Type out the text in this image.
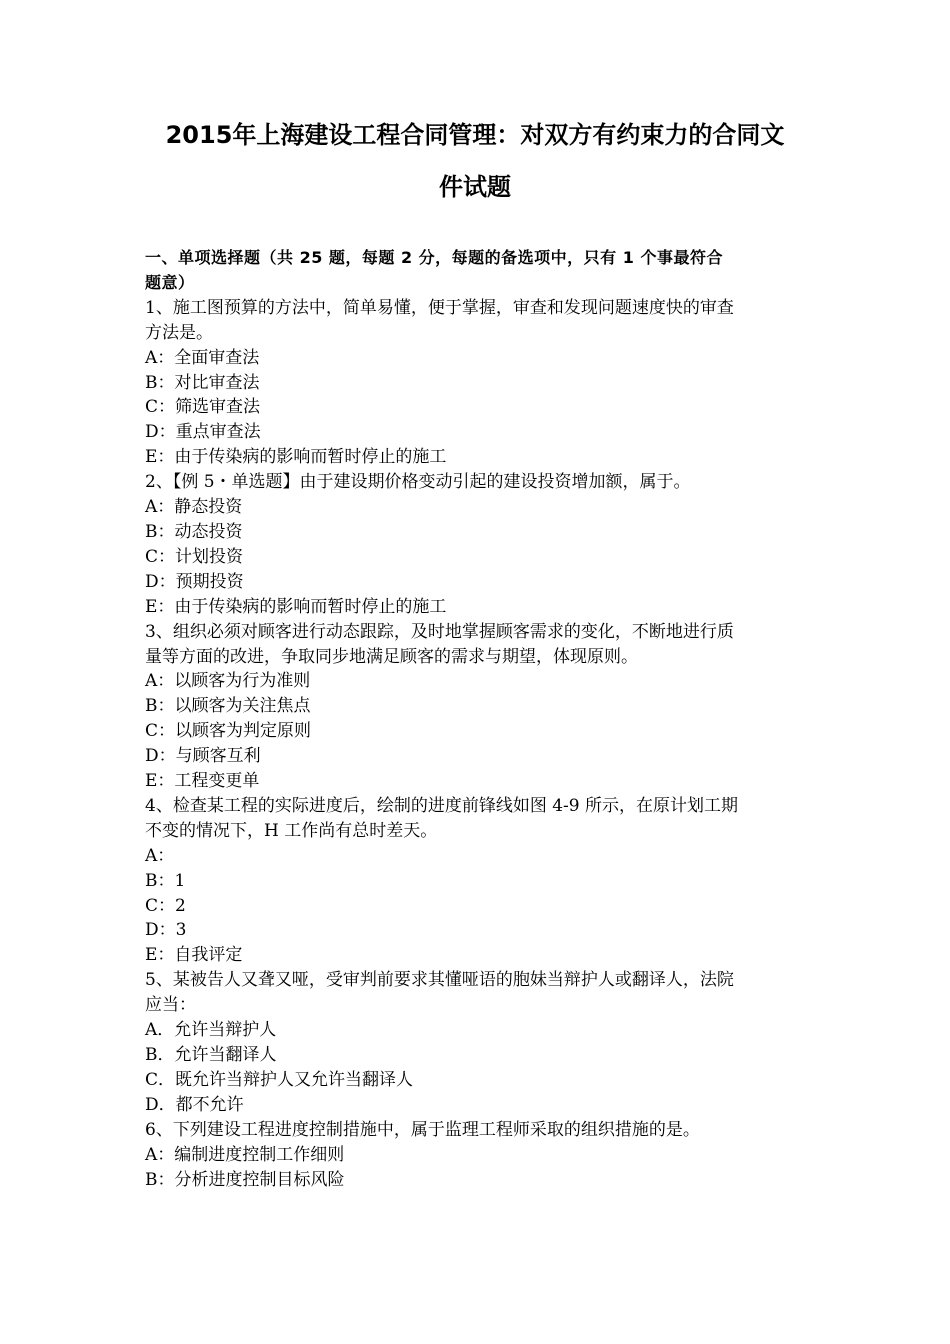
2015年上海建设工程合同管理：对双方有约束力的合同文
件试题
一、单项选择题（共 25 题，每题 2 分，每题的备选项中，只有 1 个事最符合
题意）
1、施工图预算的方法中，简单易懂，便于掌握，审查和发现问题速度快的审查
方法是。
A：全面审查法
B：对比审查法
C：筛选审查法
D：重点审查法
E：由于传染病的影响而暂时停止的施工
2、【例 5・单选题】由于建设期价格变动引起的建设投资增加额，属于。
A：静态投资
B：动态投资
C：计划投资
D：预期投资
E：由于传染病的影响而暂时停止的施工
3、组织必须对顾客进行动态跟踪，及时地掌握顾客需求的变化，不断地进行质
量等方面的改进，争取同步地满足顾客的需求与期望，体现原则。
A：以顾客为行为准则
B：以顾客为关注焦点
C：以顾客为判定原则
D：与顾客互利
E：工程变更单
4、检查某工程的实际进度后，绘制的进度前锋线如图 4-9 所示，在原计划工期
不变的情况下，H 工作尚有总时差天。
A：
B：1
C：2
D：3
E：自我评定
5、某被告人又聋又哑，受审判前要求其懂哑语的胞妹当辩护人或翻译人，法院
应当：
A．允许当辩护人
B．允许当翻译人
C．既允许当辩护人又允许当翻译人
D．都不允许
6、下列建设工程进度控制措施中，属于监理工程师采取的组织措施的是。
A：编制进度控制工作细则
B：分析进度控制目标风险
